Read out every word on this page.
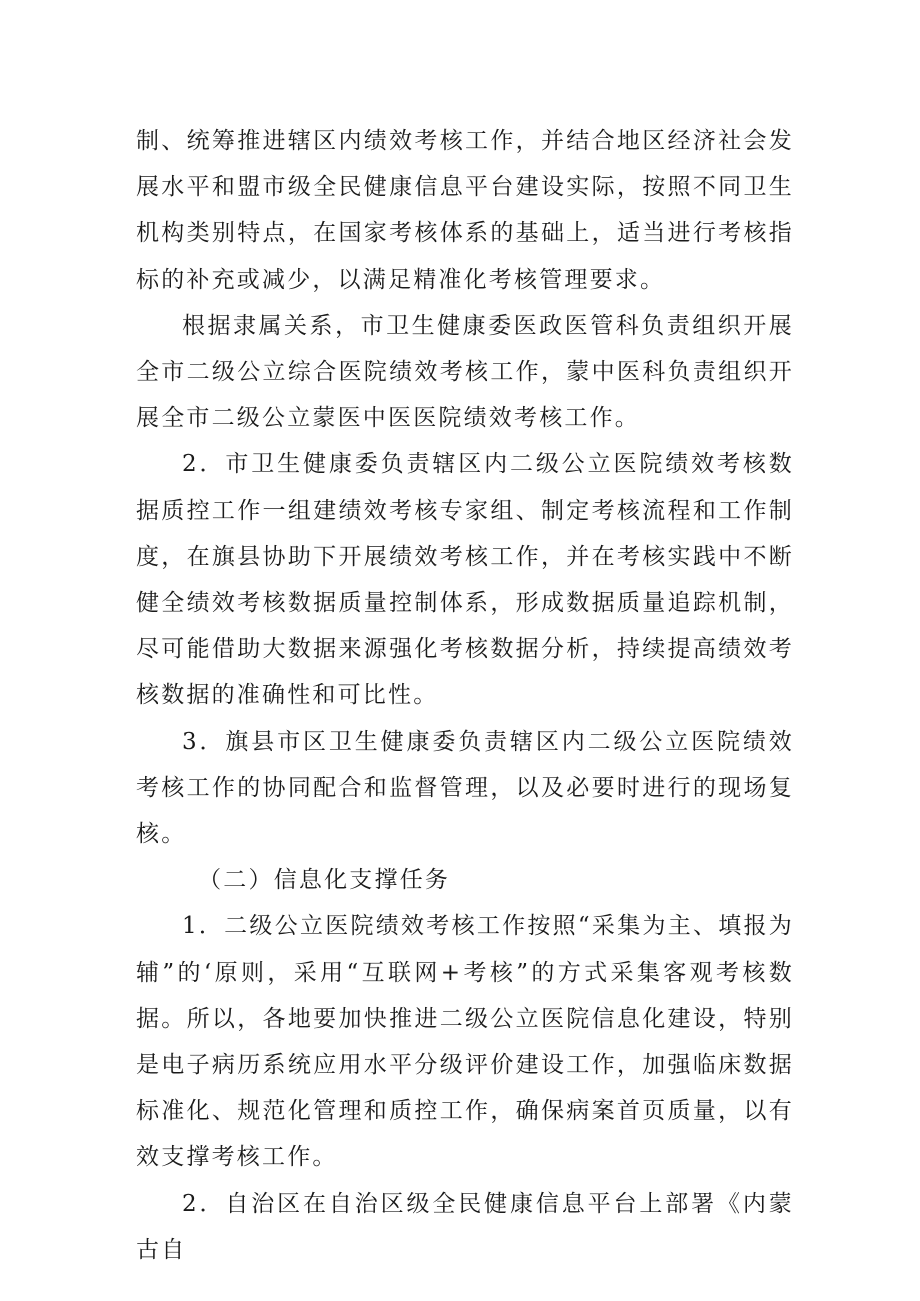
制、统筹推进辖区内绩效考核工作，并结合地区经济社会发展水平和盟市级全民健康信息平台建设实际，按照不同卫生机构类别特点，在国家考核体系的基础上，适当进行考核指标的补充或减少，以满足精准化考核管理要求。

根据隶属关系，市卫生健康委医政医管科负责组织开展全市二级公立综合医院绩效考核工作，蒙中医科负责组织开展全市二级公立蒙医中医医院绩效考核工作。

2．市卫生健康委负责辖区内二级公立医院绩效考核数据质控工作一组建绩效考核专家组、制定考核流程和工作制度，在旗县协助下开展绩效考核工作，并在考核实践中不断健全绩效考核数据质量控制体系，形成数据质量追踪机制，尽可能借助大数据来源强化考核数据分析，持续提高绩效考核数据的准确性和可比性。

3．旗县市区卫生健康委负责辖区内二级公立医院绩效考核工作的协同配合和监督管理，以及必要时进行的现场复核。

（二）信息化支撑任务

1．二级公立医院绩效考核工作按照“采集为主、填报为辅”的‘原则，采用“互联网+考核”的方式采集客观考核数据。所以，各地要加快推进二级公立医院信息化建设，特别是电子病历系统应用水平分级评价建设工作，加强临床数据标准化、规范化管理和质控工作，确保病案首页质量，以有效支撑考核工作。

2．自治区在自治区级全民健康信息平台上部署《内蒙古自
